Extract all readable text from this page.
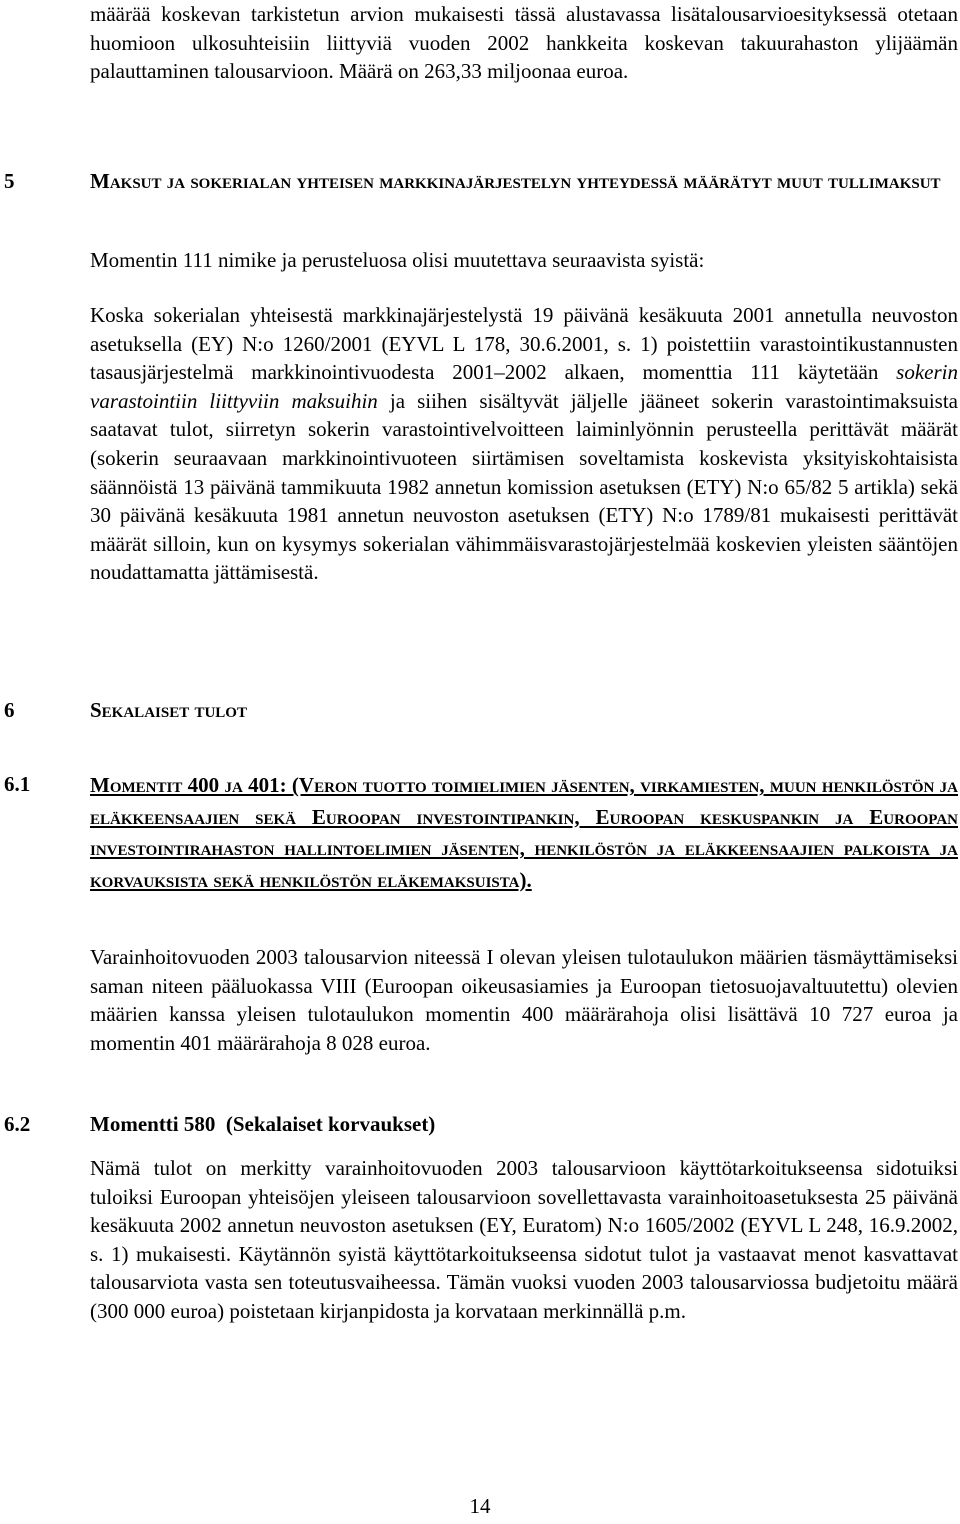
määrää koskevan tarkistetun arvion mukaisesti tässä alustavassa lisätalousarvioesityksessä otetaan huomioon ulkosuhteisiin liittyviä vuoden 2002 hankkeita koskevan takuurahaston ylijäämän palauttaminen talousarvioon. Määrä on 263,33 miljoonaa euroa.
5	Maksut ja sokerialan yhteisen markkinajärjestelyn yhteydessä määrätyt muut tullimaksut
Momentin 111 nimike ja perusteluosa olisi muutettava seuraavista syistä:
Koska sokerialan yhteisestä markkinajärjestelystä 19 päivänä kesäkuuta 2001 annetulla neuvoston asetuksella (EY) N:o 1260/2001 (EYVL L 178, 30.6.2001, s. 1) poistettiin varastointikustannusten tasausjärjestelmä markkinointivuodesta 2001–2002 alkaen, momenttia 111 käytetään sokerin varastointiin liittyviin maksuihin ja siihen sisältyvät jäljelle jääneet sokerin varastointimaksuista saatavat tulot, siirretyn sokerin varastointivelvoitteen laiminlyönnin perusteella perittävät määrät (sokerin seuraavaan markkinointivuoteen siirtämisen soveltamista koskevista yksityiskohtaisista säännöistä 13 päivänä tammikuuta 1982 annetun komission asetuksen (ETY) N:o 65/82 5 artikla) sekä 30 päivänä kesäkuuta 1981 annetun neuvoston asetuksen (ETY) N:o 1789/81 mukaisesti perittävät määrät silloin, kun on kysymys sokerialan vähimmäisvarastojärjestelmää koskevien yleisten sääntöjen noudattamatta jättämisestä.
6	Sekalaiset tulot
6.1	Momentit 400 ja 401: (Veron tuotto toimielimien jäsenten, virkamiesten, muun henkilöstön ja eläkkeensaajien sekä Euroopan investointipankin, Euroopan keskuspankin ja Euroopan investointirahaston hallintoelimien jäsenten, henkilöstön ja eläkkeensaajien palkoista ja korvauksista sekä henkilöstön eläkemaksuista).
Varainhoitovuoden 2003 talousarvion niteessä I olevan yleisen tulotaulukon määrien täsmäyttämiseksi saman niteen pääluokassa VIII (Euroopan oikeusasiamies ja Euroopan tietosuojavaltuutettu) olevien määrien kanssa yleisen tulotaulukon momentin 400 määrärahoja olisi lisättävä 10 727 euroa ja momentin 401 määrärahoja 8 028 euroa.
6.2	Momentti 580  (Sekalaiset korvaukset)
Nämä tulot on merkitty varainhoitovuoden 2003 talousarvioon käyttötarkoitukseensa sidotuiksi tuloiksi Euroopan yhteisöjen yleiseen talousarvioon sovellettavasta varainhoitoasetuksesta 25 päivänä kesäkuuta 2002 annetun neuvoston asetuksen (EY, Euratom) N:o 1605/2002 (EYVL L 248, 16.9.2002, s. 1) mukaisesti. Käytännön syistä käyttötarkoitukseensa sidotut tulot ja vastaavat menot kasvattavat talousarviota vasta sen toteutusvaiheessa. Tämän vuoksi vuoden 2003 talousarviossa budjetoitu määrä (300 000 euroa) poistetaan kirjanpidosta ja korvataan merkinnällä p.m.
14
